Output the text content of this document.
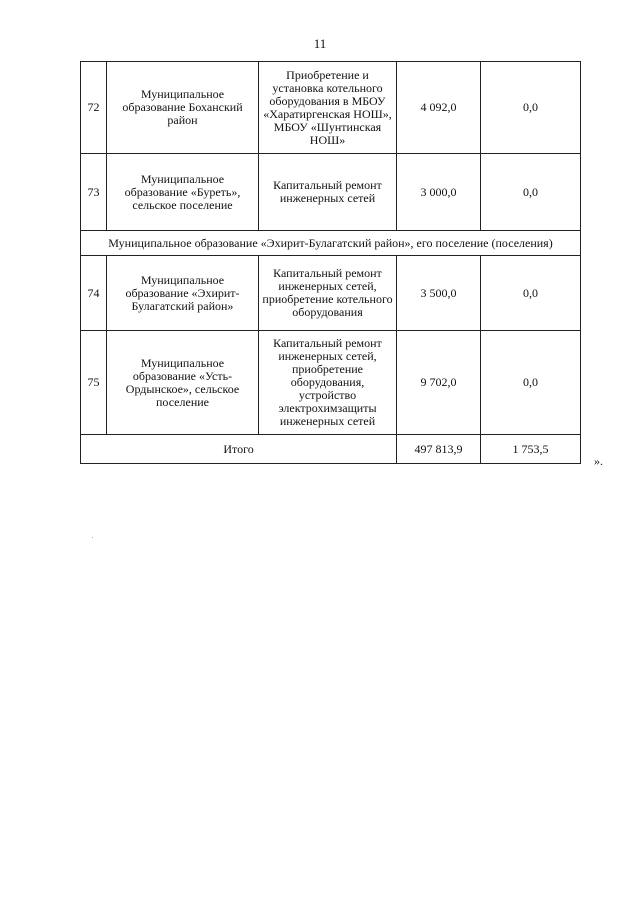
11
72	Муниципальное образование Боханский район	Приобретение и установка котельного оборудования в МБОУ «Харатиргенская НОШ», МБОУ «Шунтинская НОШ»	4 092,0	0,0
73	Муниципальное образование «Буреть», сельское поселение	Капитальный ремонт инженерных сетей	3 000,0	0,0
Муниципальное образование «Эхирит-Булагатский район», его поселение (поселения)				
74	Муниципальное образование «Эхирит-Булагатский район»	Капитальный ремонт инженерных сетей, приобретение котельного оборудования	3 500,0	0,0
75	Муниципальное образование «Усть-Ордынское», сельское поселение	Капитальный ремонт инженерных сетей, приобретение оборудования, устройство электрохимзащиты инженерных сетей	9 702,0	0,0
Итого			497 813,9	1 753,5
».
